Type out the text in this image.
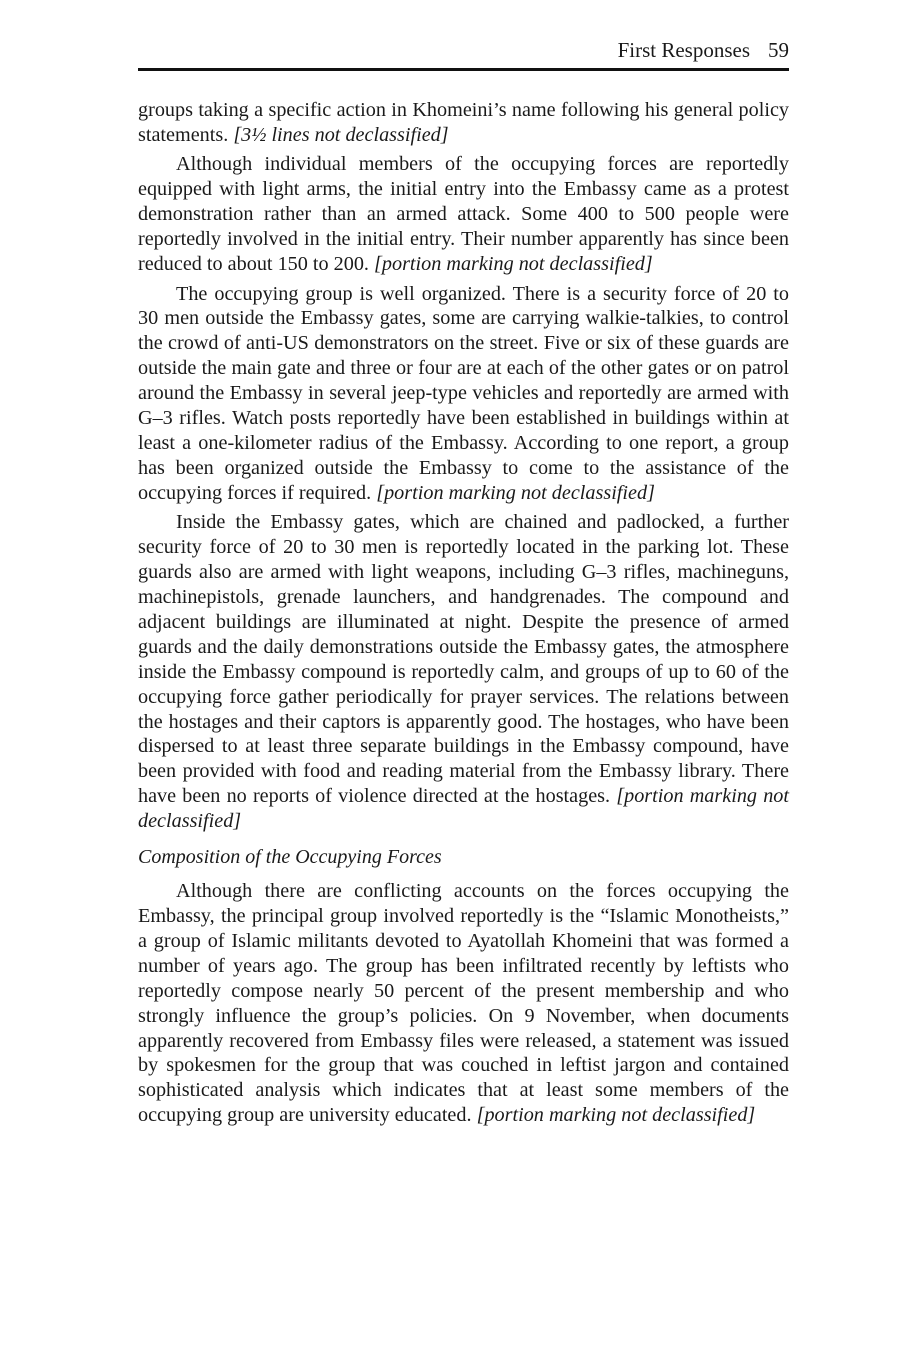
First Responses 59

groups taking a specific action in Khomeini’s name following his general policy statements. [3½ lines not declassified]

Although individual members of the occupying forces are reportedly equipped with light arms, the initial entry into the Embassy came as a protest demonstration rather than an armed attack. Some 400 to 500 people were reportedly involved in the initial entry. Their number apparently has since been reduced to about 150 to 200. [portion marking not declassified]

The occupying group is well organized. There is a security force of 20 to 30 men outside the Embassy gates, some are carrying walkie-talkies, to control the crowd of anti-US demonstrators on the street. Five or six of these guards are outside the main gate and three or four are at each of the other gates or on patrol around the Embassy in several jeep-type vehicles and reportedly are armed with G–3 rifles. Watch posts reportedly have been established in buildings within at least a one-kilometer radius of the Embassy. According to one report, a group has been organized outside the Embassy to come to the assistance of the occupying forces if required. [portion marking not declassified]

Inside the Embassy gates, which are chained and padlocked, a further security force of 20 to 30 men is reportedly located in the parking lot. These guards also are armed with light weapons, including G–3 rifles, machineguns, machinepistols, grenade launchers, and handgrenades. The compound and adjacent buildings are illuminated at night. Despite the presence of armed guards and the daily demonstrations outside the Embassy gates, the atmosphere inside the Embassy compound is reportedly calm, and groups of up to 60 of the occupying force gather periodically for prayer services. The relations between the hostages and their captors is apparently good. The hostages, who have been dispersed to at least three separate buildings in the Embassy compound, have been provided with food and reading material from the Embassy library. There have been no reports of violence directed at the hostages. [portion marking not declassified]

Composition of the Occupying Forces

Although there are conflicting accounts on the forces occupying the Embassy, the principal group involved reportedly is the “Islamic Monotheists,” a group of Islamic militants devoted to Ayatollah Khomeini that was formed a number of years ago. The group has been infiltrated recently by leftists who reportedly compose nearly 50 percent of the present membership and who strongly influence the group’s policies. On 9 November, when documents apparently recovered from Embassy files were released, a statement was issued by spokesmen for the group that was couched in leftist jargon and contained sophisticated analysis which indicates that at least some members of the occupying group are university educated. [portion marking not declassified]
